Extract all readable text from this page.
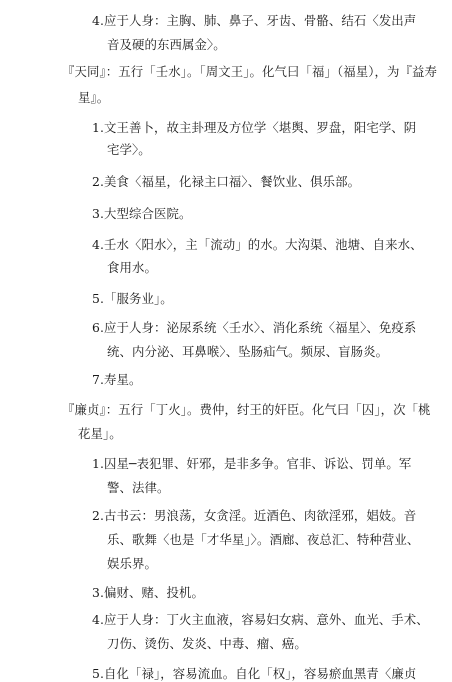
4.应于人身：主胸、肺、鼻子、牙齿、骨骼、结石〈发出声
音及硬的东西属金〉。
『天同』：五行「壬水」。「周文王」。化气曰「福」（福星），为『益寿
星』。
1.文王善卜，故主卦理及方位学〈堪舆、罗盘，阳宅学、阴
宅学〉。
2.美食〈福星，化禄主口福〉、餐饮业、俱乐部。
3.大型综合医院。
4.壬水〈阳水〉，主「流动」的水。大沟渠、池塘、自来水、
食用水。
5.「服务业」。
6.应于人身：泌尿系统〈壬水〉、消化系统〈福星〉、免疫系
统、内分泌、耳鼻喉〉、坠肠疝气。频尿、盲肠炎。
7.寿星。
『廉贞』：五行「丁火」。费仲，纣王的奸臣。化气曰「囚」，次「桃
花星」。
1.囚星─表犯罪、奸邪，是非多争。官非、诉讼、罚单。军
警、法律。
2.古书云：男浪荡，女贪淫。近酒色、肉欲淫邪，娼妓。音
乐、歌舞〈也是「才华星」〉。酒廊、夜总汇、特种营业、
娱乐界。
3.偏财、赌、投机。
4.应于人身：丁火主血液，容易妇女病、意外、血光、手术、
刀伤、烫伤、发炎、中毒、瘤、癌。
5.自化「禄」，容易流血。自化「权」，容易瘀血黑青〈廉贞
